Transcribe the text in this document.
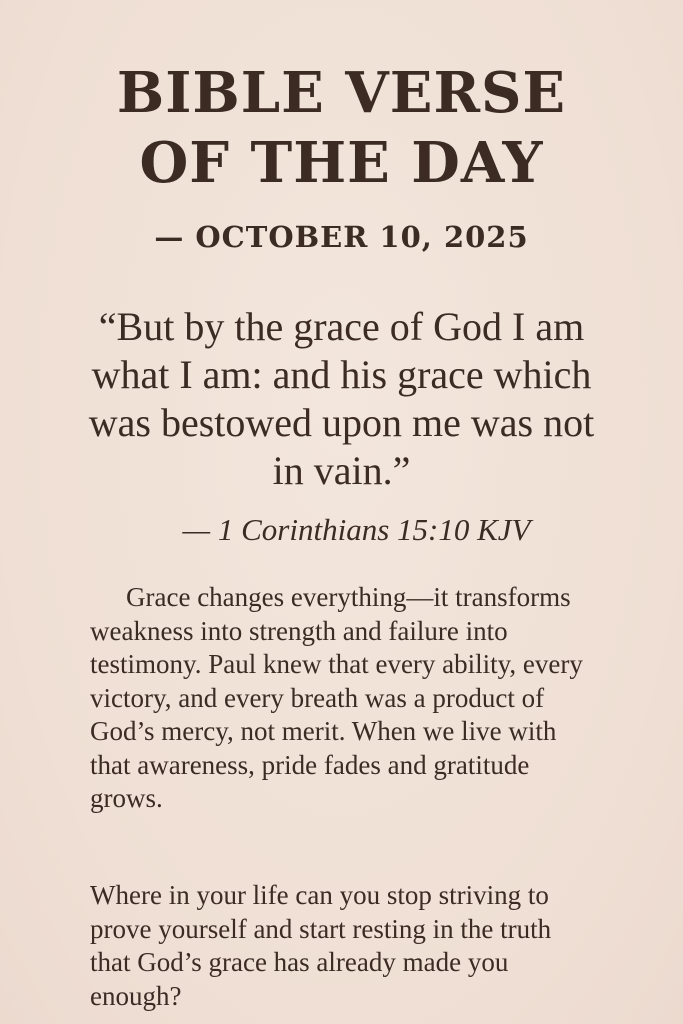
BIBLE VERSE
OF THE DAY
— OCTOBER 10, 2025
“But by the grace of God I am what I am: and his grace which was bestowed upon me was not in vain.”
— 1 Corinthians 15:10 KJV

Grace changes everything—it transforms weakness into strength and failure into testimony. Paul knew that every ability, every victory, and every breath was a product of God’s mercy, not merit. When we live with that awareness, pride fades and gratitude grows.

Where in your life can you stop striving to prove yourself and start resting in the truth that God’s grace has already made you enough?
